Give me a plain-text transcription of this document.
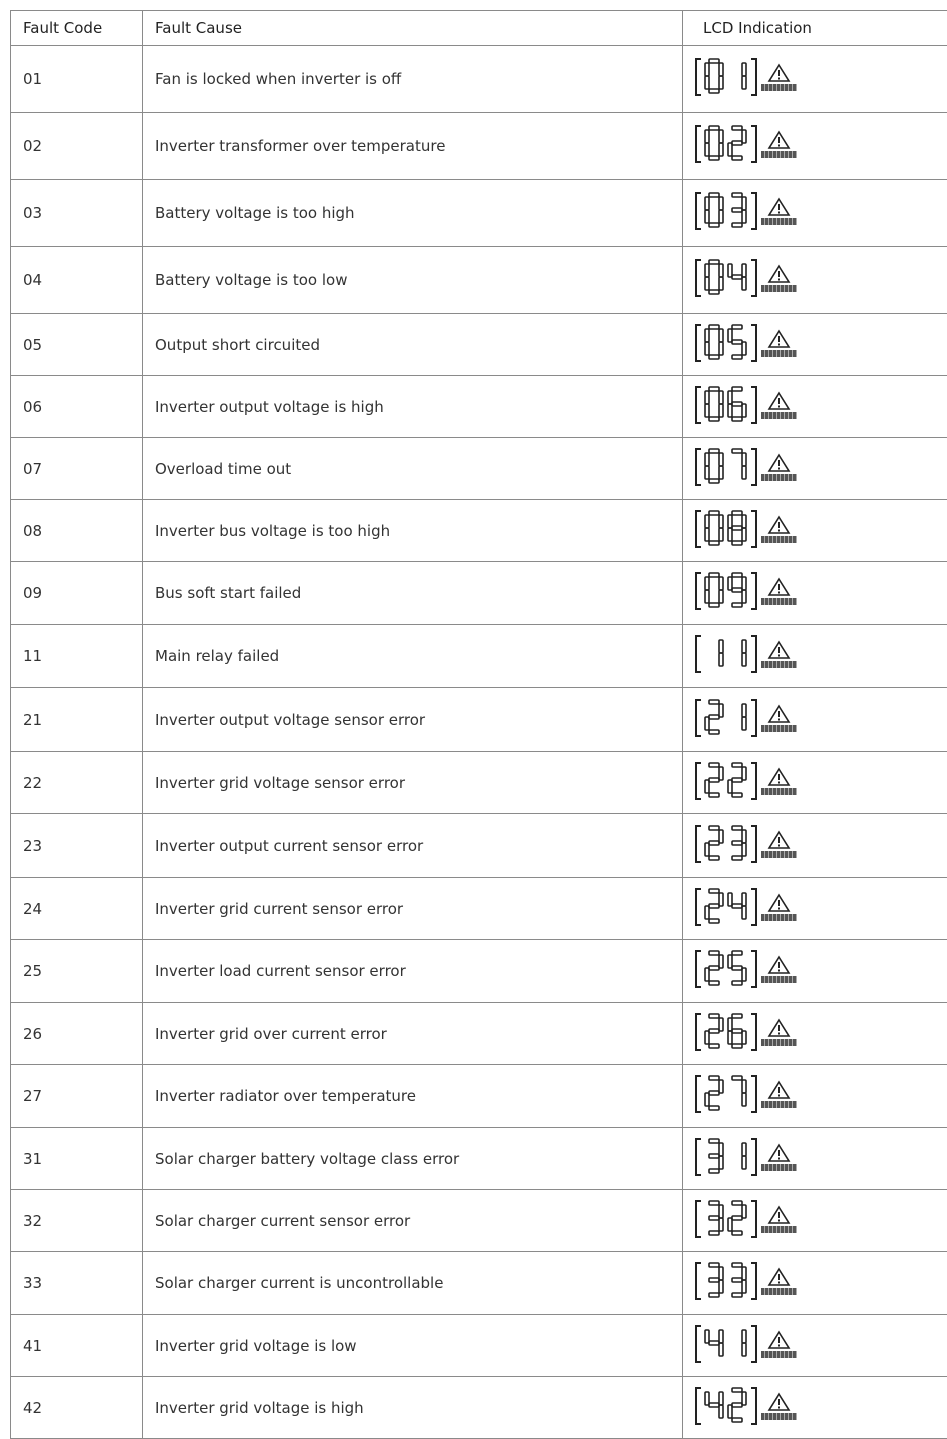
Fault Code	Fault Cause	LCD Indication
01	Fan is locked when inverter is off	

02	Inverter transformer over temperature	

03	Battery voltage is too high	

04	Battery voltage is too low	

05	Output short circuited	

06	Inverter output voltage is high	

07	Overload time out	

08	Inverter bus voltage is too high	

09	Bus soft start failed	

11	Main relay failed	

21	Inverter output voltage sensor error	

22	Inverter grid voltage sensor error	

23	Inverter output current sensor error	

24	Inverter grid current sensor error	

25	Inverter load current sensor error	

26	Inverter grid over current error	

27	Inverter radiator over temperature	

31	Solar charger battery voltage class error	

32	Solar charger current sensor error	

33	Solar charger current is uncontrollable	

41	Inverter grid voltage is low	

42	Inverter grid voltage is high	
